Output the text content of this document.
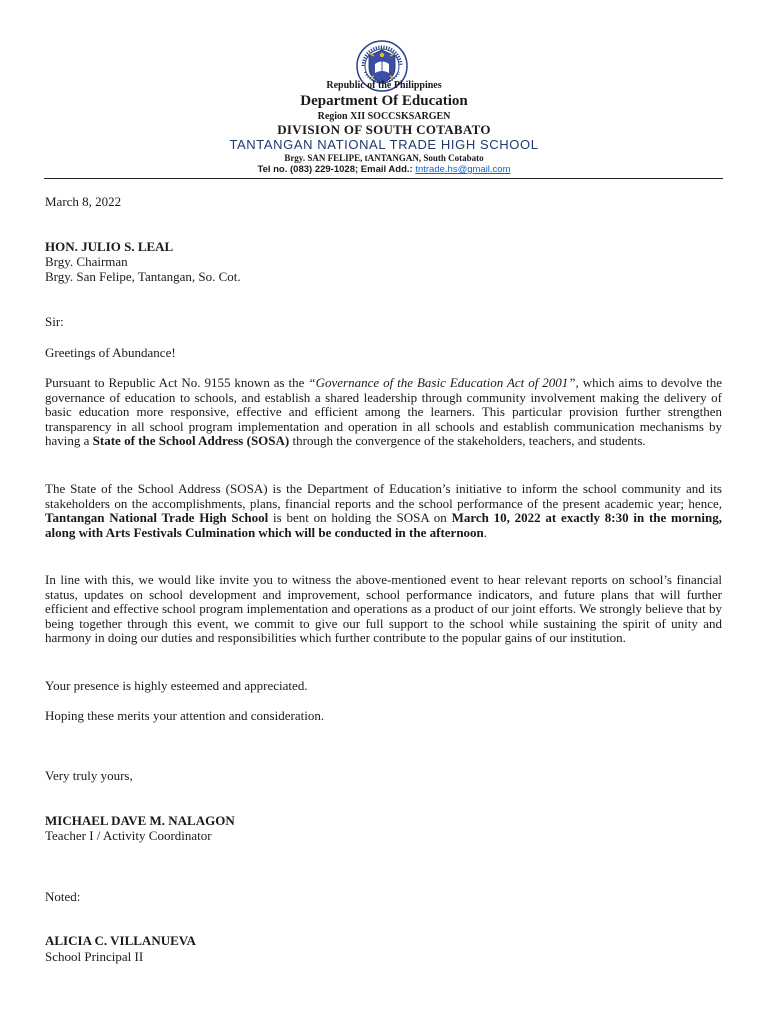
Republic of the Philippines
Department Of Education
Region XII SOCCSKSARGEN
DIVISION OF SOUTH COTABATO
TANTANGAN NATIONAL TRADE HIGH SCHOOL
Brgy. SAN FELIPE, tANTANGAN, South Cotabato
Tel no. (083) 229-1028; Email Add.: tntrade.hs@gmail.com
March 8, 2022
HON. JULIO S. LEAL
Brgy. Chairman
Brgy. San Felipe, Tantangan, So. Cot.
Sir:
Greetings of Abundance!
Pursuant to Republic Act No. 9155 known as the “Governance of the Basic Education Act of 2001”, which aims to devolve the governance of education to schools, and establish a shared leadership through community involvement making the delivery of basic education more responsive, effective and efficient among the learners. This particular provision further strengthen transparency in all school program implementation and operation in all schools and establish communication mechanisms by having a State of the School Address (SOSA) through the convergence of the stakeholders, teachers, and students.
The State of the School Address (SOSA) is the Department of Education’s initiative to inform the school community and its stakeholders on the accomplishments, plans, financial reports and the school performance of the present academic year; hence, Tantangan National Trade High School is bent on holding the SOSA on March 10, 2022 at exactly 8:30 in the morning, along with Arts Festivals Culmination which will be conducted in the afternoon.
In line with this, we would like invite you to witness the above-mentioned event to hear relevant reports on school’s financial status, updates on school development and improvement, school performance indicators, and future plans that will further efficient and effective school program implementation and operations as a product of our joint efforts. We strongly believe that by being together through this event, we commit to give our full support to the school while sustaining the spirit of unity and harmony in doing our duties and responsibilities which further contribute to the popular gains of our institution.
Your presence is highly esteemed and appreciated.
Hoping these merits your attention and consideration.
Very truly yours,
MICHAEL DAVE M. NALAGON
Teacher I / Activity Coordinator
Noted:
ALICIA C. VILLANUEVA
School Principal II
